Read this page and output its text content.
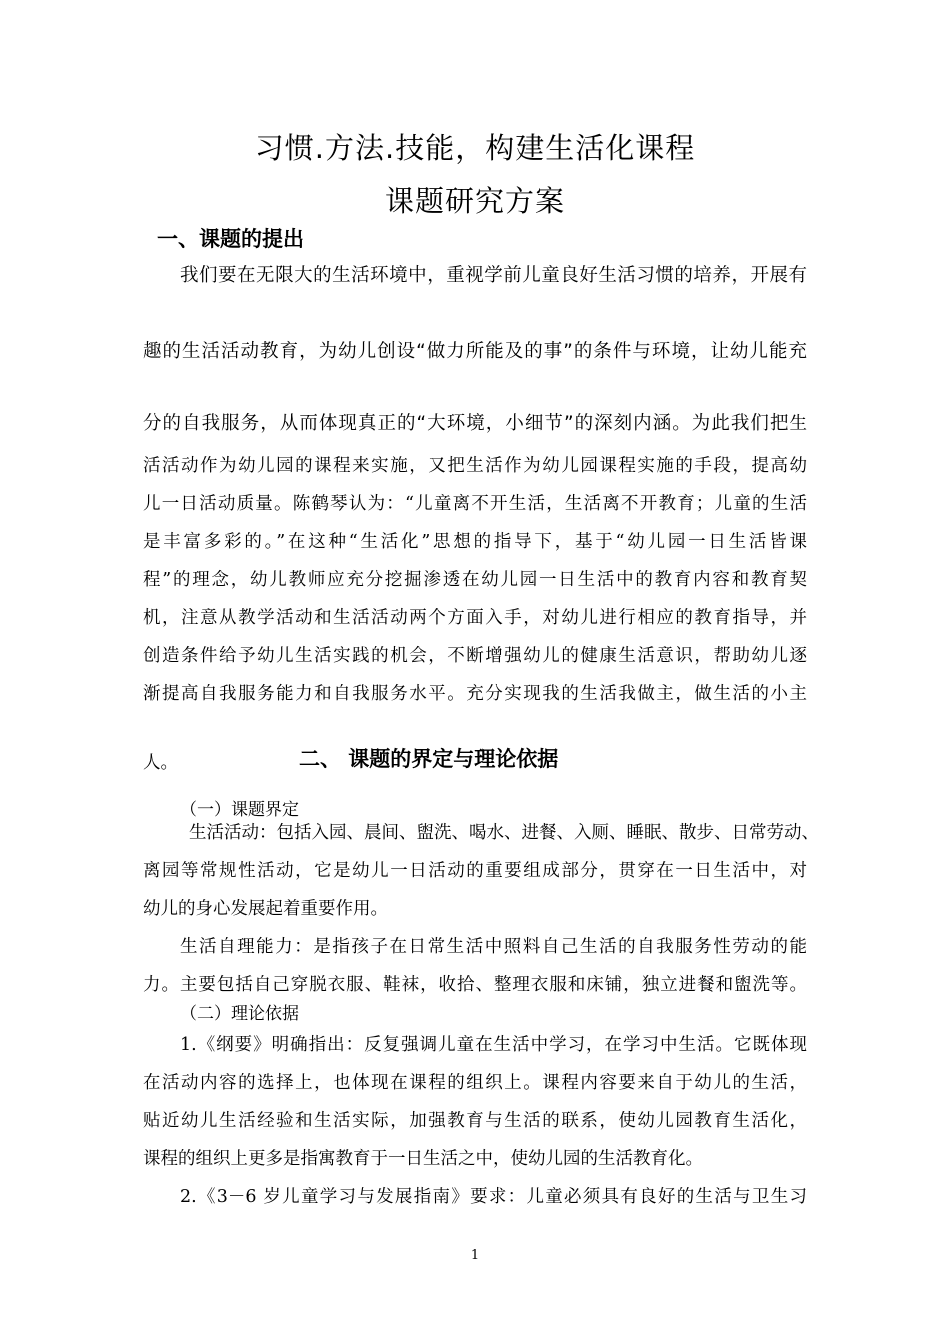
习惯.方法.技能，构建生活化课程
课题研究方案
一、课题的提出
我们要在无限大的生活环境中，重视学前儿童良好生活习惯的培养，开展有
趣的生活活动教育，为幼儿创设“做力所能及的事”的条件与环境，让幼儿能充
分的自我服务，从而体现真正的“大环境，小细节”的深刻内涵。为此我们把生
活活动作为幼儿园的课程来实施，又把生活作为幼儿园课程实施的手段，提高幼
儿一日活动质量。陈鹤琴认为：“儿童离不开生活，生活离不开教育；儿童的生活
是丰富多彩的。”在这种“生活化”思想的指导下，基于“幼儿园一日生活皆课
程”的理念，幼儿教师应充分挖掘渗透在幼儿园一日生活中的教育内容和教育契
机，注意从教学活动和生活活动两个方面入手，对幼儿进行相应的教育指导，并
创造条件给予幼儿生活实践的机会，不断增强幼儿的健康生活意识，帮助幼儿逐
渐提高自我服务能力和自我服务水平。充分实现我的生活我做主，做生活的小主
人。	二、 课题的界定与理论依据
（一）课题界定
生活活动：包括入园、晨间、盥洗、喝水、进餐、入厕、睡眠、散步、日常劳动、
离园等常规性活动，它是幼儿一日活动的重要组成部分，贯穿在一日生活中，对
幼儿的身心发展起着重要作用。
生活自理能力：是指孩子在日常生活中照料自己生活的自我服务性劳动的能
力。主要包括自己穿脱衣服、鞋袜，收拾、整理衣服和床铺，独立进餐和盥洗等。
（二）理论依据
1.《纲要》明确指出：反复强调儿童在生活中学习，在学习中生活。它既体现
在活动内容的选择上，也体现在课程的组织上。课程内容要来自于幼儿的生活，
贴近幼儿生活经验和生活实际，加强教育与生活的联系，使幼儿园教育生活化，
课程的组织上更多是指寓教育于一日生活之中，使幼儿园的生活教育化。
2.《3－6 岁儿童学习与发展指南》要求：儿童必须具有良好的生活与卫生习
1
